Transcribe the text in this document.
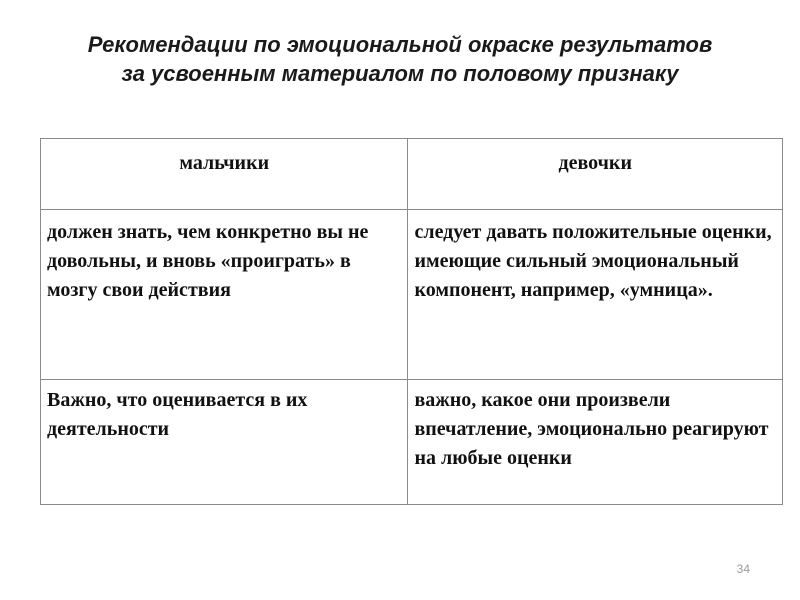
Рекомендации по эмоциональной окраске результатов
за усвоенным материалом по половому признаку
мальчики	девочки
должен знать, чем конкретно вы не довольны, и вновь «проиграть» в мозгу свои действия	следует давать положительные оценки, имеющие сильный эмоциональный компонент, например, «умница».
Важно, что оценивается в их деятельности	важно, какое они произвели впечатление, эмоционально реагируют на любые оценки
34
